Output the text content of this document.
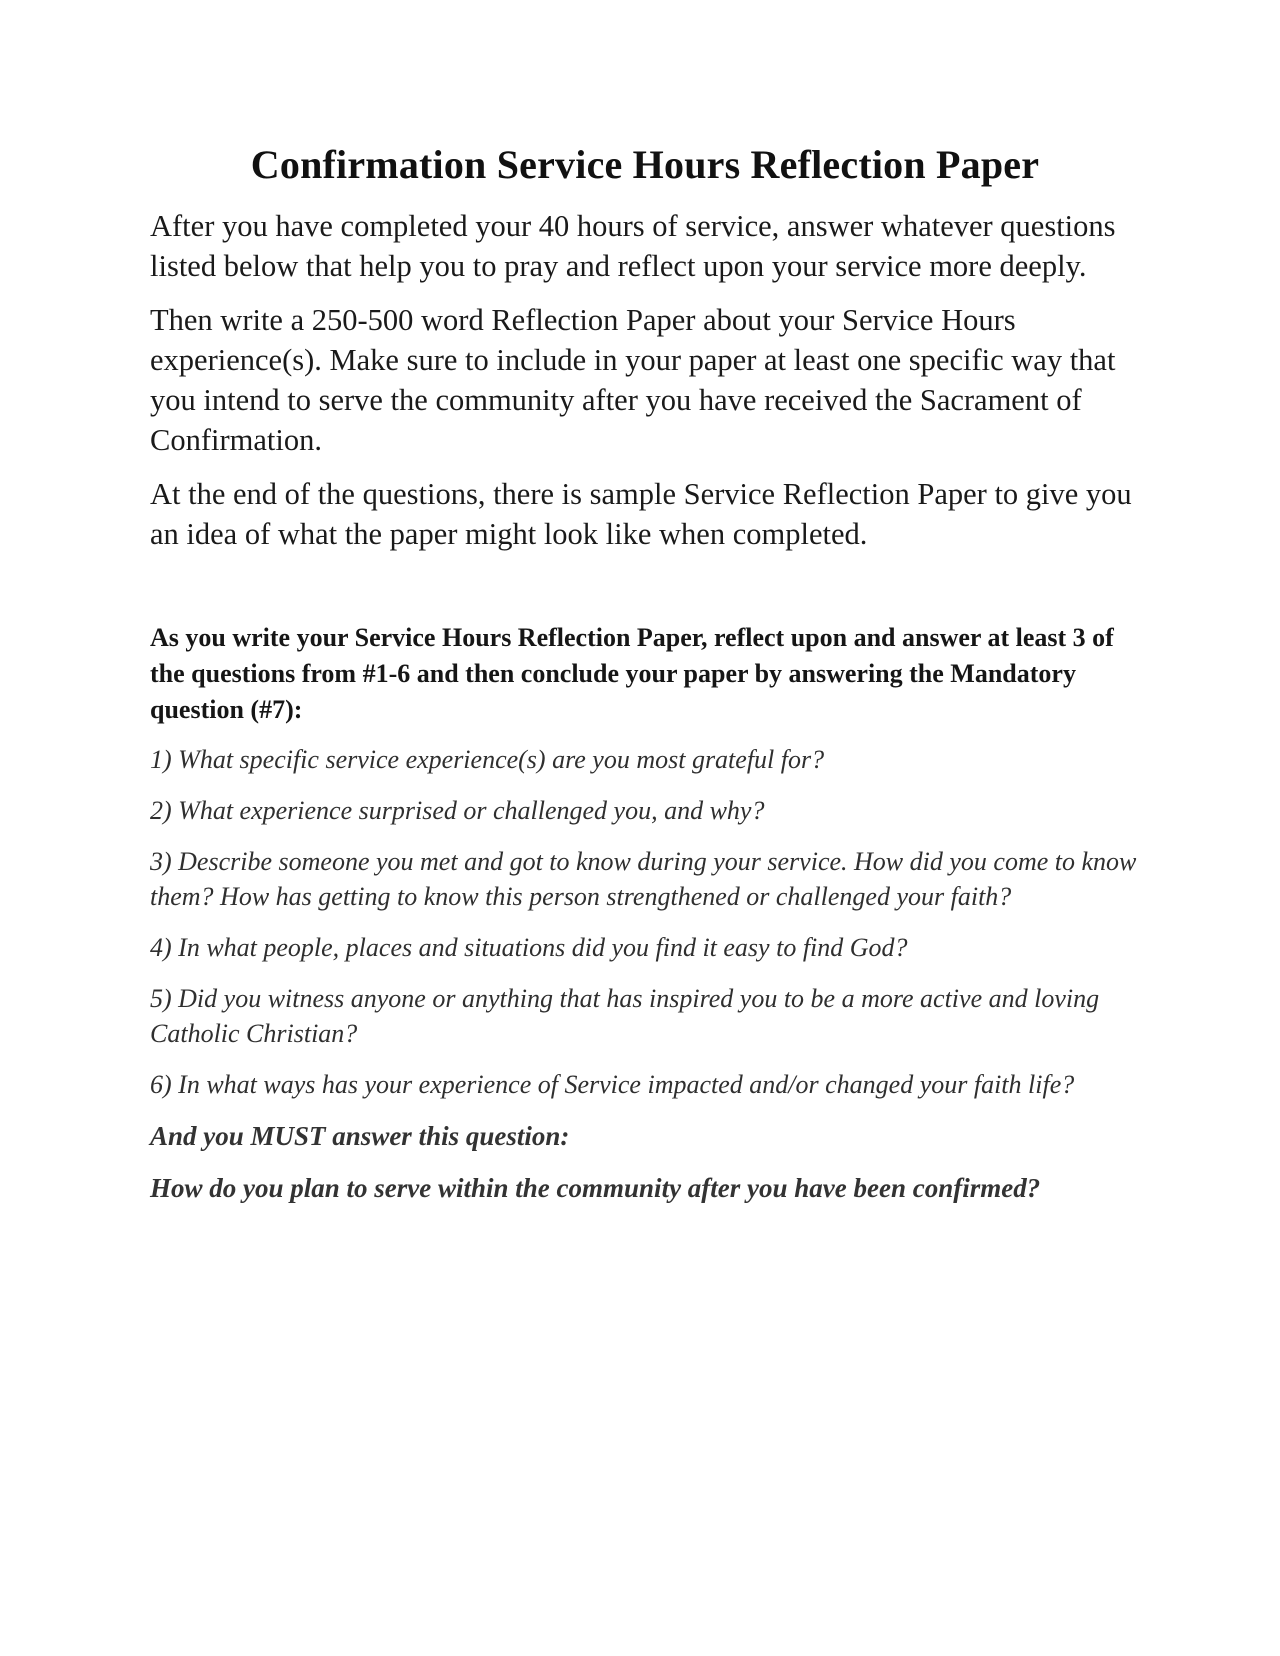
Confirmation Service Hours Reflection Paper

After you have completed your 40 hours of service, answer whatever questions listed below that help you to pray and reflect upon your service more deeply.

Then write a 250-500 word Reflection Paper about your Service Hours experience(s). Make sure to include in your paper at least one specific way that you intend to serve the community after you have received the Sacrament of Confirmation.

At the end of the questions, there is sample Service Reflection Paper to give you an idea of what the paper might look like when completed.

As you write your Service Hours Reflection Paper, reflect upon and answer at least 3 of the questions from #1-6 and then conclude your paper by answering the Mandatory question (#7):

1) What specific service experience(s) are you most grateful for?

2) What experience surprised or challenged you, and why?

3) Describe someone you met and got to know during your service. How did you come to know them? How has getting to know this person strengthened or challenged your faith?

4) In what people, places and situations did you find it easy to find God?

5) Did you witness anyone or anything that has inspired you to be a more active and loving Catholic Christian?

6) In what ways has your experience of Service impacted and/or changed your faith life?

And you MUST answer this question:

How do you plan to serve within the community after you have been confirmed?
